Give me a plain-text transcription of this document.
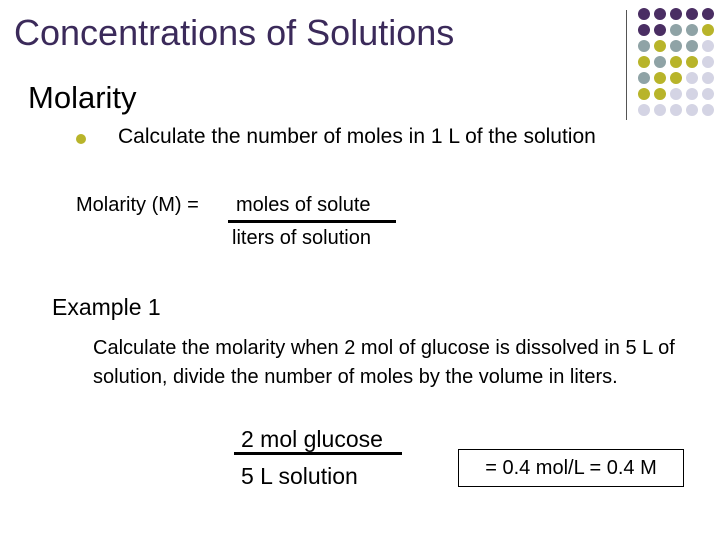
Concentrations of Solutions
Molarity
Calculate the number of moles in 1 L of the solution
Molarity (M) = moles of solute
liters of solution
Example 1
Calculate the molarity when 2 mol of glucose is dissolved in 5 L of solution, divide the number of moles by the volume in liters.
2 mol glucose
5 L solution	= 0.4 mol/L = 0.4 M
